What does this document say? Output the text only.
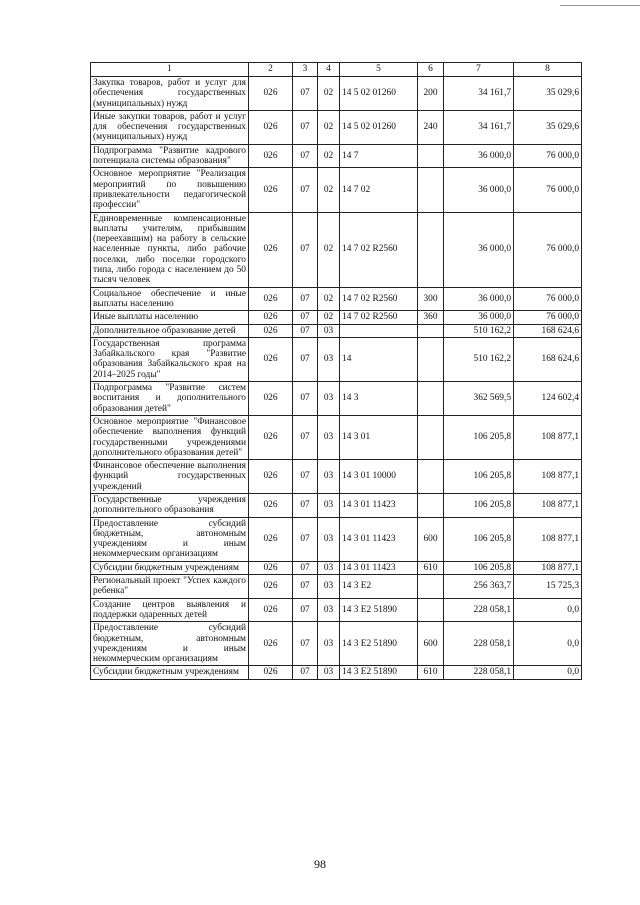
1	2	3	4	5	6	7	8
Закупка товаров, работ и услуг для обеспечения государственных (муниципальных) нужд	026	07	02	14 5 02 01260	200	34 161,7	35 029,6
Иные закупки товаров, работ и услуг для обеспечения государственных (муниципальных) нужд	026	07	02	14 5 02 01260	240	34 161,7	35 029,6
Подпрограмма "Развитие кадрового потенциала системы образования"	026	07	02	14 7		36 000,0	76 000,0
Основное мероприятие "Реализация мероприятий по повышению привлекательности педагогической профессии"	026	07	02	14 7 02		36 000,0	76 000,0
Единовременные компенсационные выплаты учителям, прибывшим (переехавшим) на работу в сельские населенные пункты, либо рабочие поселки, либо поселки городского типа, либо города с населением до 50 тысяч человек	026	07	02	14 7 02 R2560		36 000,0	76 000,0
Социальное обеспечение и иные выплаты населению	026	07	02	14 7 02 R2560	300	36 000,0	76 000,0
Иные выплаты населению	026	07	02	14 7 02 R2560	360	36 000,0	76 000,0
Дополнительное образование детей	026	07	03			510 162,2	168 624,6
Государственная программа Забайкальского края "Развитие образования Забайкальского края на 2014–2025 годы"	026	07	03	14		510 162,2	168 624,6
Подпрограмма "Развитие систем воспитания и дополнительного образования детей"	026	07	03	14 3		362 569,5	124 602,4
Основное мероприятие "Финансовое обеспечение выполнения функций государственными учреждениями дополнительного образования детей"	026	07	03	14 3 01		106 205,8	108 877,1
Финансовое обеспечение выполнения функций государственных учреждений	026	07	03	14 3 01 10000		106 205,8	108 877,1
Государственные учреждения дополнительного образования	026	07	03	14 3 01 11423		106 205,8	108 877,1
Предоставление субсидий бюджетным, автономным учреждениям и иным некоммерческим организациям	026	07	03	14 3 01 11423	600	106 205,8	108 877,1
Субсидии бюджетным учреждениям	026	07	03	14 3 01 11423	610	106 205,8	108 877,1
Региональный проект "Успех каждого ребенка"	026	07	03	14 3 E2		256 363,7	15 725,3
Создание центров выявления и поддержки одаренных детей	026	07	03	14 3 E2 51890		228 058,1	0,0
Предоставление субсидий бюджетным, автономным учреждениям и иным некоммерческим организациям	026	07	03	14 3 E2 51890	600	228 058,1	0,0
Субсидии бюджетным учреждениям	026	07	03	14 3 E2 51890	610	228 058,1	0,0
98
